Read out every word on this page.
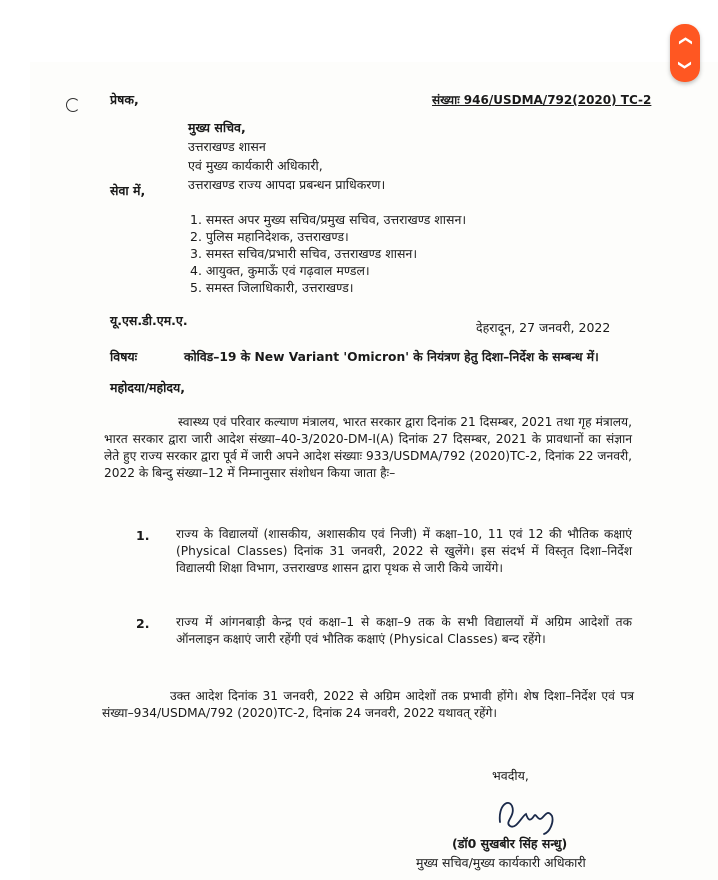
प्रेषक,	संख्याः 946/USDMA/792(2020) TC-2
मुख्य सचिव,
उत्तराखण्ड शासन
एवं मुख्य कार्यकारी अधिकारी,
उत्तराखण्ड राज्य आपदा प्रबन्धन प्राधिकरण।
सेवा में,
1. समस्त अपर मुख्य सचिव/प्रमुख सचिव, उत्तराखण्ड शासन।
2. पुलिस महानिदेशक, उत्तराखण्ड।
3. समस्त सचिव/प्रभारी सचिव, उत्तराखण्ड शासन।
4. आयुक्त, कुमाऊँ एवं गढ़वाल मण्डल।
5. समस्त जिलाधिकारी, उत्तराखण्ड।
यू.एस.डी.एम.ए.	देहरादून, 27 जनवरी, 2022
विषयः	कोविड–19 के New Variant 'Omicron' के नियंत्रण हेतु दिशा–निर्देश के सम्बन्ध में।
महोदया/महोदय,
स्वास्थ्य एवं परिवार कल्याण मंत्रालय, भारत सरकार द्वारा दिनांक 21 दिसम्बर, 2021 तथा गृह मंत्रालय, भारत सरकार द्वारा जारी आदेश संख्या–40-3/2020-DM-I(A) दिनांक 27 दिसम्बर, 2021 के प्रावधानों का संज्ञान लेते हुए राज्य सरकार द्वारा पूर्व में जारी अपने आदेश संख्याः 933/USDMA/792 (2020)TC-2, दिनांक 22 जनवरी, 2022 के बिन्दु संख्या–12 में निम्नानुसार संशोधन किया जाता हैः–
1. राज्य के विद्यालयों (शासकीय, अशासकीय एवं निजी) में कक्षा–10, 11 एवं 12 की भौतिक कक्षाएं (Physical Classes) दिनांक 31 जनवरी, 2022 से खुलेंगे। इस संदर्भ में विस्तृत दिशा–निर्देश विद्यालयी शिक्षा विभाग, उत्तराखण्ड शासन द्वारा पृथक से जारी किये जायेंगे।
2. राज्य में आंगनबाड़ी केन्द्र एवं कक्षा–1 से कक्षा–9 तक के सभी विद्यालयों में अग्रिम आदेशों तक ऑनलाइन कक्षाएं जारी रहेंगी एवं भौतिक कक्षाएं (Physical Classes) बन्द रहेंगे।
उक्त आदेश दिनांक 31 जनवरी, 2022 से अग्रिम आदेशों तक प्रभावी होंगे। शेष दिशा–निर्देश एवं पत्र संख्या–934/USDMA/792 (2020)TC-2, दिनांक 24 जनवरी, 2022 यथावत् रहेंगे।
भवदीय,
(डॉ0 सुखबीर सिंह सन्धु)
मुख्य सचिव/मुख्य कार्यकारी अधिकारी
❮
❮
